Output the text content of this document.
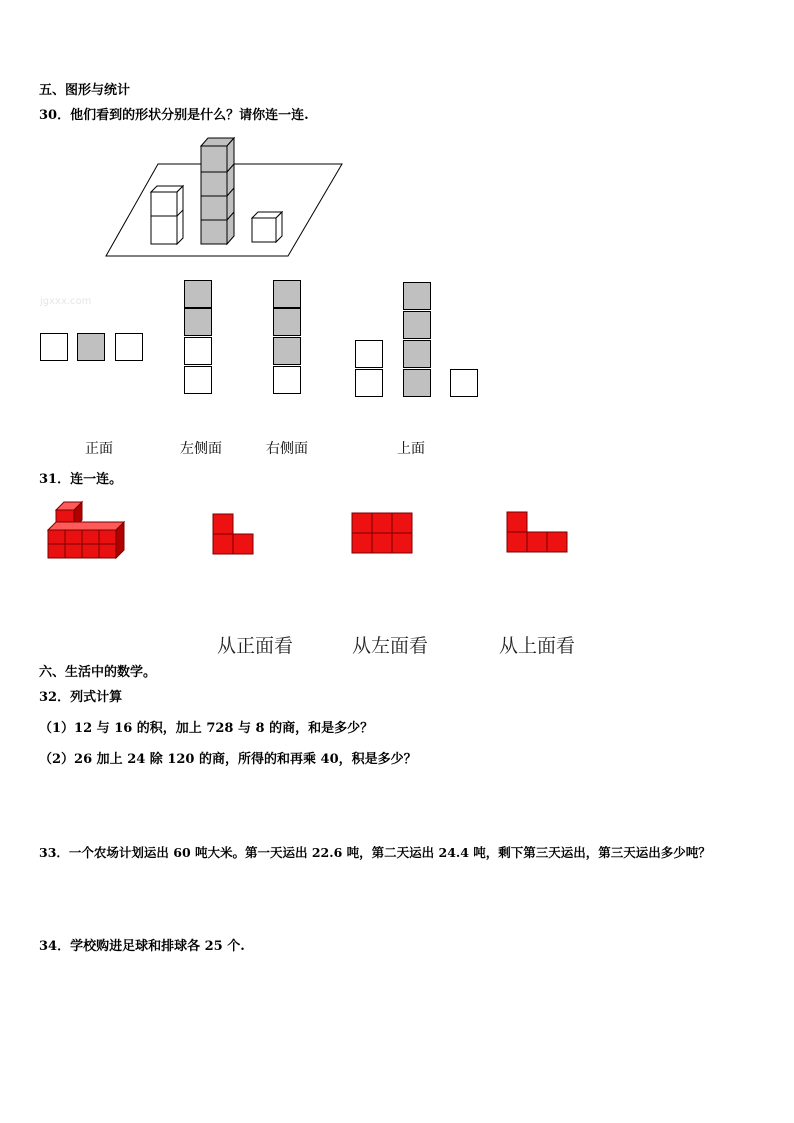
五、图形与统计
30．他们看到的形状分别是什么？请你连一连.
jgxxx.com
正面	左侧面	右侧面	上面
31．连一连。
从正面看	从左面看	从上面看
六、生活中的数学。
32．列式计算
（1）12 与 16 的积，加上 728 与 8 的商，和是多少？
（2）26 加上 24 除 120 的商，所得的和再乘 40，积是多少？
33．一个农场计划运出 60 吨大米。第一天运出 22.6 吨，第二天运出 24.4 吨，剩下第三天运出，第三天运出多少吨？
34．学校购进足球和排球各 25 个.
